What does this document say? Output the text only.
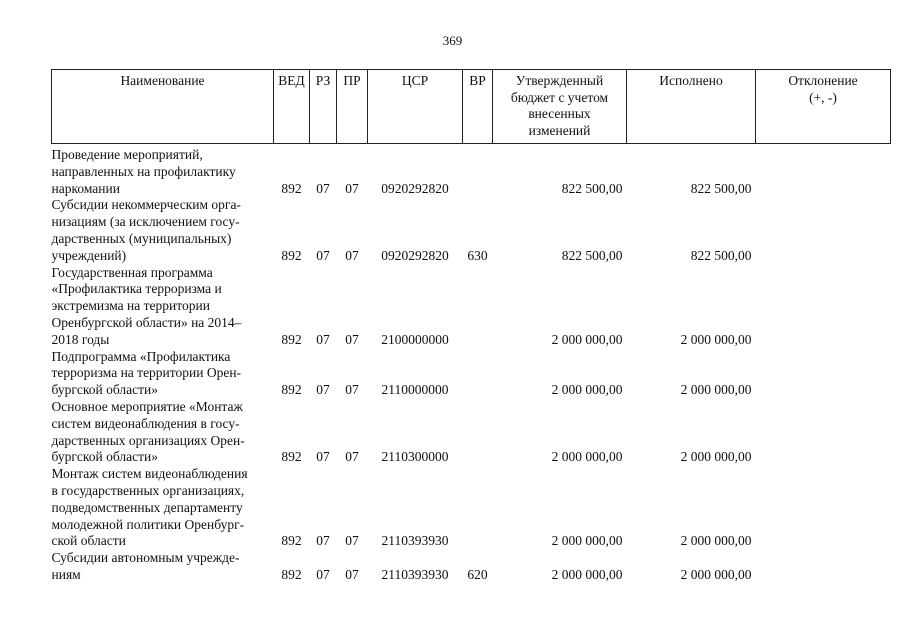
369
Наименование	ВЕД	РЗ	ПР	ЦСР	ВР	Утвержденный
бюджет с учетом
внесенных
изменений	Исполнено	Отклонение
(+, -)

Проведение мероприятий,
направленных на профилактику
наркомании	892	07	07	0920292820		822 500,00	822 500,00	

Субсидии некоммерческим орга-
низациям (за исключением госу-
дарственных (муниципальных)
учреждений)	892	07	07	0920292820	630	822 500,00	822 500,00	

Государственная программа
«Профилактика терроризма и
экстремизма на территории
Оренбургской области» на 2014–
2018 годы	892	07	07	2100000000		2 000 000,00	2 000 000,00	

Подпрограмма «Профилактика
терроризма на территории Орен-
бургской области»	892	07	07	2110000000		2 000 000,00	2 000 000,00	

Основное мероприятие «Монтаж
систем видеонаблюдения в госу-
дарственных организациях Орен-
бургской области»	892	07	07	2110300000		2 000 000,00	2 000 000,00	

Монтаж систем видеонаблюдения
в государственных организациях,
подведомственных департаменту
молодежной политики Оренбург-
ской области	892	07	07	2110393930		2 000 000,00	2 000 000,00	

Субсидии автономным учрежде-
ниям	892	07	07	2110393930	620	2 000 000,00	2 000 000,00	
